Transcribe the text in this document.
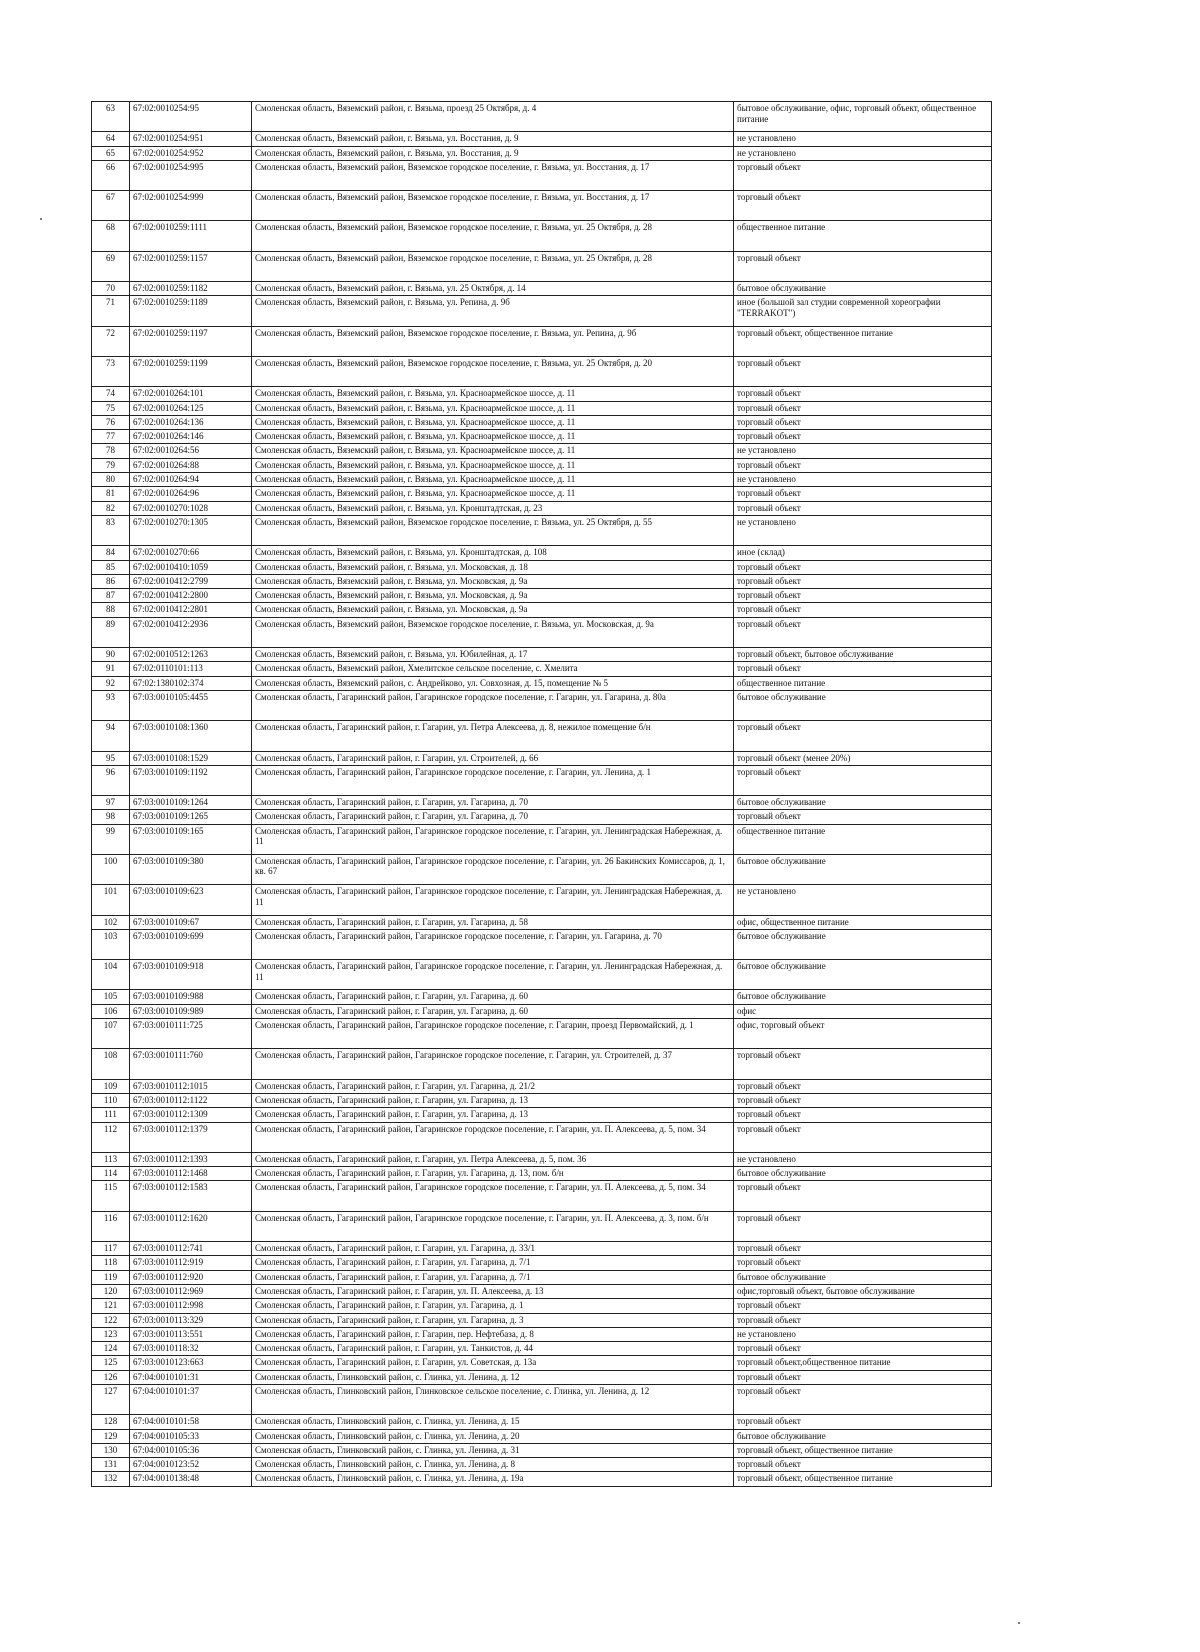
63	67:02:0010254:95	Смоленская область, Вяземский район, г. Вязьма, проезд 25 Октября, д. 4	бытовое обслуживание, офис, торговый объект, общественное питание
64	67:02:0010254:951	Смоленская область, Вяземский район, г. Вязьма, ул. Восстания, д. 9	не установлено
65	67:02:0010254:952	Смоленская область, Вяземский район, г. Вязьма, ул. Восстания, д. 9	не установлено
66	67:02:0010254:995	Смоленская область, Вяземский район, Вяземское городское поселение, г. Вязьма, ул. Восстания, д. 17	торговый объект
67	67:02:0010254:999	Смоленская область, Вяземский район, Вяземское городское поселение, г. Вязьма, ул. Восстания, д. 17	торговый объект
68	67:02:0010259:1111	Смоленская область, Вяземский район, Вяземское городское поселение, г. Вязьма, ул. 25 Октября, д. 28	общественное питание
69	67:02:0010259:1157	Смоленская область, Вяземский район, Вяземское городское поселение, г. Вязьма, ул. 25 Октября, д. 28	торговый объект
70	67:02:0010259:1182	Смоленская область, Вяземский район, г. Вязьма, ул. 25 Октября, д. 14	бытовое обслуживание
71	67:02:0010259:1189	Смоленская область, Вяземский район, г. Вязьма, ул. Репина, д. 9б	иное (большой зал студии современной хореографии "TERRAKOT")
72	67:02:0010259:1197	Смоленская область, Вяземский район, Вяземское городское поселение, г. Вязьма, ул. Репина, д. 9б	торговый объект, общественное питание
73	67:02:0010259:1199	Смоленская область, Вяземский район, Вяземское городское поселение, г. Вязьма, ул. 25 Октября, д. 20	торговый объект
74	67:02:0010264:101	Смоленская область, Вяземский район, г. Вязьма, ул. Красноармейское шоссе, д. 11	торговый объект
75	67:02:0010264:125	Смоленская область, Вяземский район, г. Вязьма, ул. Красноармейское шоссе, д. 11	торговый объект
76	67:02:0010264:136	Смоленская область, Вяземский район, г. Вязьма, ул. Красноармейское шоссе, д. 11	торговый объект
77	67:02:0010264:146	Смоленская область, Вяземский район, г. Вязьма, ул. Красноармейское шоссе, д. 11	торговый объект
78	67:02:0010264:56	Смоленская область, Вяземский район, г. Вязьма, ул. Красноармейское шоссе, д. 11	не установлено
79	67:02:0010264:88	Смоленская область, Вяземский район, г. Вязьма, ул. Красноармейское шоссе, д. 11	торговый объект
80	67:02:0010264:94	Смоленская область, Вяземский район, г. Вязьма, ул. Красноармейское шоссе, д. 11	не установлено
81	67:02:0010264:96	Смоленская область, Вяземский район, г. Вязьма, ул. Красноармейское шоссе, д. 11	торговый объект
82	67:02:0010270:1028	Смоленская область, Вяземский район, г. Вязьма, ул. Кронштадтская, д. 23	торговый объект
83	67:02:0010270:1305	Смоленская область, Вяземский район, Вяземское городское поселение, г. Вязьма, ул. 25 Октября, д. 55	не установлено
84	67:02:0010270:66	Смоленская область, Вяземский район, г. Вязьма, ул. Кронштадтская, д. 108	иное (склад)
85	67:02:0010410:1059	Смоленская область, Вяземский район, г. Вязьма, ул. Московская, д. 18	торговый объект
86	67:02:0010412:2799	Смоленская область, Вяземский район, г. Вязьма, ул. Московская, д. 9а	торговый объект
87	67:02:0010412:2800	Смоленская область, Вяземский район, г. Вязьма, ул. Московская, д. 9а	торговый объект
88	67:02:0010412:2801	Смоленская область, Вяземский район, г. Вязьма, ул. Московская, д. 9а	торговый объект
89	67:02:0010412:2936	Смоленская область, Вяземский район, Вяземское городское поселение, г. Вязьма, ул. Московская, д. 9а	торговый объект
90	67:02:0010512:1263	Смоленская область, Вяземский район, г. Вязьма, ул. Юбилейная, д. 17	торговый объект, бытовое обслуживание
91	67:02:0110101:113	Смоленская область, Вяземский район, Хмелитское сельское поселение, с. Хмелита	торговый объект
92	67:02:1380102:374	Смоленская область, Вяземский район, с. Андрейково, ул. Совхозная, д. 15, помещение № 5	общественное питание
93	67:03:0010105:4455	Смоленская область, Гагаринский район, Гагаринское городское поселение, г. Гагарин, ул. Гагарина, д. 80а	бытовое обслуживание
94	67:03:0010108:1360	Смоленская область, Гагаринский район, г. Гагарин, ул. Петра Алексеева, д. 8, нежилое помещение б/н	торговый объект
95	67:03:0010108:1529	Смоленская область, Гагаринский район, г. Гагарин, ул. Строителей, д. 66	торговый объект (менее 20%)
96	67:03:0010109:1192	Смоленская область, Гагаринский район, Гагаринское городское поселение, г. Гагарин, ул. Ленина, д. 1	торговый объект
97	67:03:0010109:1264	Смоленская область, Гагаринский район, г. Гагарин, ул. Гагарина, д. 70	бытовое обслуживание
98	67:03:0010109:1265	Смоленская область, Гагаринский район, г. Гагарин, ул. Гагарина, д. 70	торговый объект
99	67:03:0010109:165	Смоленская область, Гагаринский район, Гагаринское городское поселение, г. Гагарин, ул. Ленинградская Набережная, д. 11	общественное питание
100	67:03:0010109:380	Смоленская область, Гагаринский район, Гагаринское городское поселение, г. Гагарин, ул. 26 Бакинских Комиссаров, д. 1, кв. 67	бытовое обслуживание
101	67:03:0010109:623	Смоленская область, Гагаринский район, Гагаринское городское поселение, г. Гагарин, ул. Ленинградская Набережная, д. 11	не установлено
102	67:03:0010109:67	Смоленская область, Гагаринский район, г. Гагарин, ул. Гагарина, д. 58	офис, общественное питание
103	67:03:0010109:699	Смоленская область, Гагаринский район, Гагаринское городское поселение, г. Гагарин, ул. Гагарина, д. 70	бытовое обслуживание
104	67:03:0010109:918	Смоленская область, Гагаринский район, Гагаринское городское поселение, г. Гагарин, ул. Ленинградская Набережная, д. 11	бытовое обслуживание
105	67:03:0010109:988	Смоленская область, Гагаринский район, г. Гагарин, ул. Гагарина, д. 60	бытовое обслуживание
106	67:03:0010109:989	Смоленская область, Гагаринский район, г. Гагарин, ул. Гагарина, д. 60	офис
107	67:03:0010111:725	Смоленская область, Гагаринский район, Гагаринское городское поселение, г. Гагарин, проезд Первомайский, д. 1	офис, торговый объект
108	67:03:0010111:760	Смоленская область, Гагаринский район, Гагаринское городское поселение, г. Гагарин, ул. Строителей, д. 37	торговый объект
109	67:03:0010112:1015	Смоленская область, Гагаринский район, г. Гагарин, ул. Гагарина, д. 21/2	торговый объект
110	67:03:0010112:1122	Смоленская область, Гагаринский район, г. Гагарин, ул. Гагарина, д. 13	торговый объект
111	67:03:0010112:1309	Смоленская область, Гагаринский район, г. Гагарин, ул. Гагарина, д. 13	торговый объект
112	67:03:0010112:1379	Смоленская область, Гагаринский район, Гагаринское городское поселение, г. Гагарин, ул. П. Алексеева, д. 5, пом. 34	торговый объект
113	67:03:0010112:1393	Смоленская область, Гагаринский район, г. Гагарин, ул. Петра Алексеева, д. 5, пом. 36	не установлено
114	67:03:0010112:1468	Смоленская область, Гагаринский район, г. Гагарин, ул. Гагарина, д. 13, пом. б/н	бытовое обслуживание
115	67:03:0010112:1583	Смоленская область, Гагаринский район, Гагаринское городское поселение, г. Гагарин, ул. П. Алексеева, д. 5, пом. 34	торговый объект
116	67:03:0010112:1620	Смоленская область, Гагаринский район, Гагаринское городское поселение, г. Гагарин, ул. П. Алексеева, д. 3, пом. б/н	торговый объект
117	67:03:0010112:741	Смоленская область, Гагаринский район, г. Гагарин, ул. Гагарина, д. 33/1	торговый объект
118	67:03:0010112:919	Смоленская область, Гагаринский район, г. Гагарин, ул. Гагарина, д. 7/1	торговый объект
119	67:03:0010112:920	Смоленская область, Гагаринский район, г. Гагарин, ул. Гагарина, д. 7/1	бытовое обслуживание
120	67:03:0010112:969	Смоленская область, Гагаринский район, г. Гагарин, ул. П. Алексеева, д. 13	офис,торговый объект, бытовое обслуживание
121	67:03:0010112:998	Смоленская область, Гагаринский район, г. Гагарин, ул. Гагарина, д. 1	торговый объект
122	67:03:0010113:329	Смоленская область, Гагаринский район, г. Гагарин, ул. Гагарина, д. 3	торговый объект
123	67:03:0010113:551	Смоленская область, Гагаринский район, г. Гагарин, пер. Нефтебаза, д. 8	не установлено
124	67:03:0010118:32	Смоленская область, Гагаринский район, г. Гагарин, ул. Танкистов, д. 44	торговый объект
125	67:03:0010123:663	Смоленская область, Гагаринский район, г. Гагарин, ул. Советская, д. 13а	торговый объект,общественное питание
126	67:04:0010101:31	Смоленская область, Глинковский район, с. Глинка, ул. Ленина, д. 12	торговый объект
127	67:04:0010101:37	Смоленская область, Глинковский район, Глинковское сельское поселение, с. Глинка, ул. Ленина, д. 12	торговый объект
128	67:04:0010101:58	Смоленская область, Глинковский район, с. Глинка, ул. Ленина, д. 15	торговый объект
129	67:04:0010105:33	Смоленская область, Глинковский район, с. Глинка, ул. Ленина, д. 20	бытовое обслуживание
130	67:04:0010105:36	Смоленская область, Глинковский район, с. Глинка, ул. Ленина, д. 31	торговый объект, общественное питание
131	67:04:0010123:52	Смоленская область, Глинковский район, с. Глинка, ул. Ленина, д. 8	торговый объект
132	67:04:0010138:48	Смоленская область, Глинковский район, с. Глинка, ул. Ленина, д. 19а	торговый объект, общественное питание
